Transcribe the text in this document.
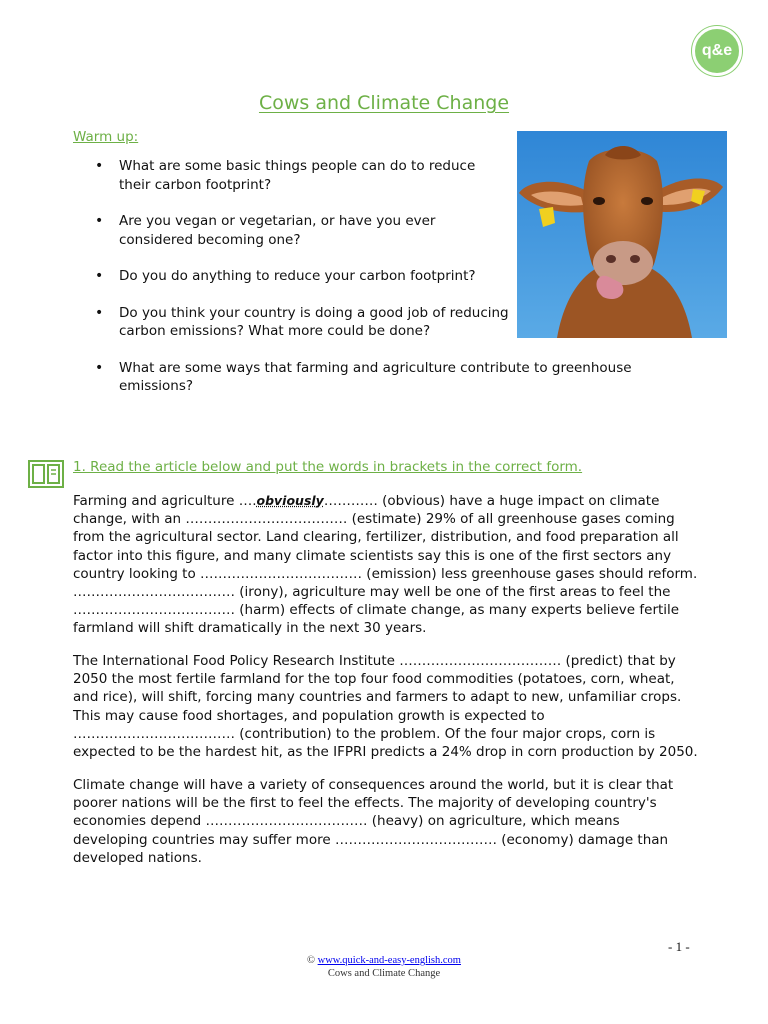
q&e
Cows and Climate Change
Warm up:
• What are some basic things people can do to reduce their carbon footprint?
• Are you vegan or vegetarian, or have you ever considered becoming one?
• Do you do anything to reduce your carbon footprint?
• Do you think your country is doing a good job of reducing carbon emissions? What more could be done?
• What are some ways that farming and agriculture contribute to greenhouse emissions?
1. Read the article below and put the words in brackets in the correct form.

Farming and agriculture ….obviously………… (obvious) have a huge impact on climate change, with an ……………………………… (estimate) 29% of all greenhouse gases coming from the agricultural sector. Land clearing, fertilizer, distribution, and food preparation all factor into this figure, and many climate scientists say this is one of the first sectors any country looking to ……………………………… (emission) less greenhouse gases should reform. ……………………………… (irony), agriculture may well be one of the first areas to feel the ……………………………… (harm) effects of climate change, as many experts believe fertile farmland will shift dramatically in the next 30 years.

The International Food Policy Research Institute ……………………………… (predict) that by 2050 the most fertile farmland for the top four food commodities (potatoes, corn, wheat, and rice), will shift, forcing many countries and farmers to adapt to new, unfamiliar crops. This may cause food shortages, and population growth is expected to ……………………………… (contribution) to the problem. Of the four major crops, corn is expected to be the hardest hit, as the IFPRI predicts a 24% drop in corn production by 2050.

Climate change will have a variety of consequences around the world, but it is clear that poorer nations will be the first to feel the effects. The majority of developing country's economies depend ……………………………… (heavy) on agriculture, which means developing countries may suffer more ……………………………… (economy) damage than developed nations.

- 1 -
© www.quick-and-easy-english.com
Cows and Climate Change
